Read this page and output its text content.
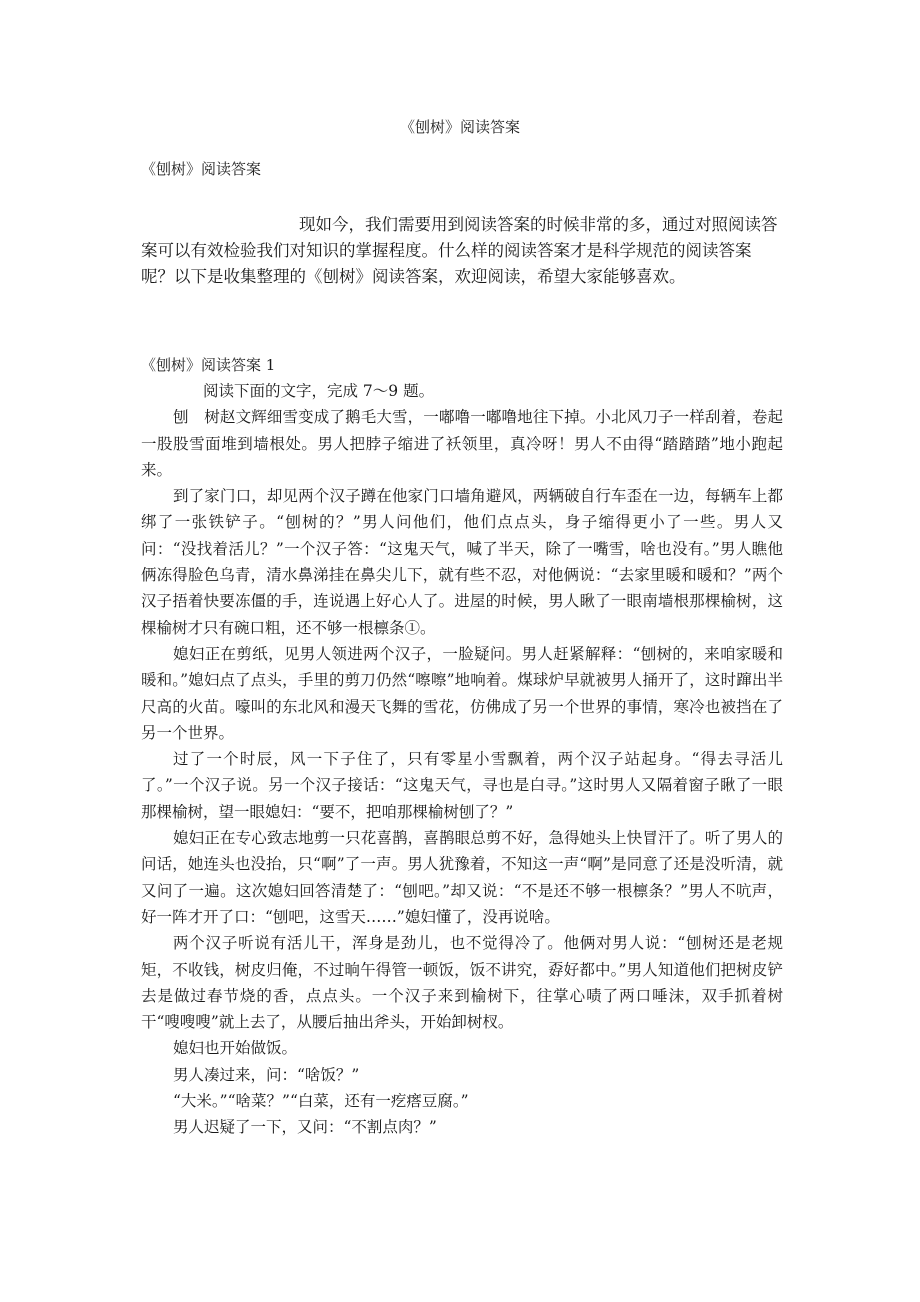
《刨树》阅读答案
《刨树》阅读答案

现如今，我们需要用到阅读答案的时候非常的多，通过对照阅读答案可以有效检验我们对知识的掌握程度。什么样的阅读答案才是科学规范的阅读答案呢？以下是收集整理的《刨树》阅读答案，欢迎阅读，希望大家能够喜欢。

《刨树》阅读答案 1

阅读下面的文字，完成 7～9 题。

刨　树赵文辉细雪变成了鹅毛大雪，一嘟噜一嘟噜地往下掉。小北风刀子一样刮着，卷起一股股雪面堆到墙根处。男人把脖子缩进了袄领里，真冷呀！男人不由得“踏踏踏”地小跑起来。

到了家门口，却见两个汉子蹲在他家门口墙角避风，两辆破自行车歪在一边，每辆车上都绑了一张铁铲子。“刨树的？”男人问他们，他们点点头，身子缩得更小了一些。男人又问：“没找着活儿？”一个汉子答：“这鬼天气，喊了半天，除了一嘴雪，啥也没有。”男人瞧他俩冻得脸色乌青，清水鼻涕挂在鼻尖儿下，就有些不忍，对他俩说：“去家里暖和暖和？”两个汉子捂着快要冻僵的手，连说遇上好心人了。进屋的时候，男人瞅了一眼南墙根那棵榆树，这棵榆树才只有碗口粗，还不够一根檩条①。

媳妇正在剪纸，见男人领进两个汉子，一脸疑问。男人赶紧解释：“刨树的，来咱家暖和暖和。”媳妇点了点头，手里的剪刀仍然“嚓嚓”地响着。煤球炉早就被男人捅开了，这时蹿出半尺高的火苗。嚎叫的东北风和漫天飞舞的雪花，仿佛成了另一个世界的事情，寒冷也被挡在了另一个世界。

过了一个时辰，风一下子住了，只有零星小雪飘着，两个汉子站起身。“得去寻活儿了。”一个汉子说。另一个汉子接话：“这鬼天气，寻也是白寻。”这时男人又隔着窗子瞅了一眼那棵榆树，望一眼媳妇：“要不，把咱那棵榆树刨了？”

媳妇正在专心致志地剪一只花喜鹊，喜鹊眼总剪不好，急得她头上快冒汗了。听了男人的问话，她连头也没抬，只“啊”了一声。男人犹豫着，不知这一声“啊”是同意了还是没听清，就又问了一遍。这次媳妇回答清楚了：“刨吧。”却又说：“不是还不够一根檩条？”男人不吭声，好一阵才开了口：“刨吧，这雪天……”媳妇懂了，没再说啥。

两个汉子听说有活儿干，浑身是劲儿，也不觉得冷了。他俩对男人说：“刨树还是老规矩，不收钱，树皮归俺，不过晌午得管一顿饭，饭不讲究，孬好都中。”男人知道他们把树皮铲去是做过春节烧的香，点点头。一个汉子来到榆树下，往掌心啧了两口唾沫，双手抓着树干“嗖嗖嗖”就上去了，从腰后抽出斧头，开始卸树杈。

媳妇也开始做饭。

男人凑过来，问：“啥饭？”

“大米。”“啥菜？”“白菜，还有一疙瘩豆腐。”

男人迟疑了一下，又问：“不割点肉？”
